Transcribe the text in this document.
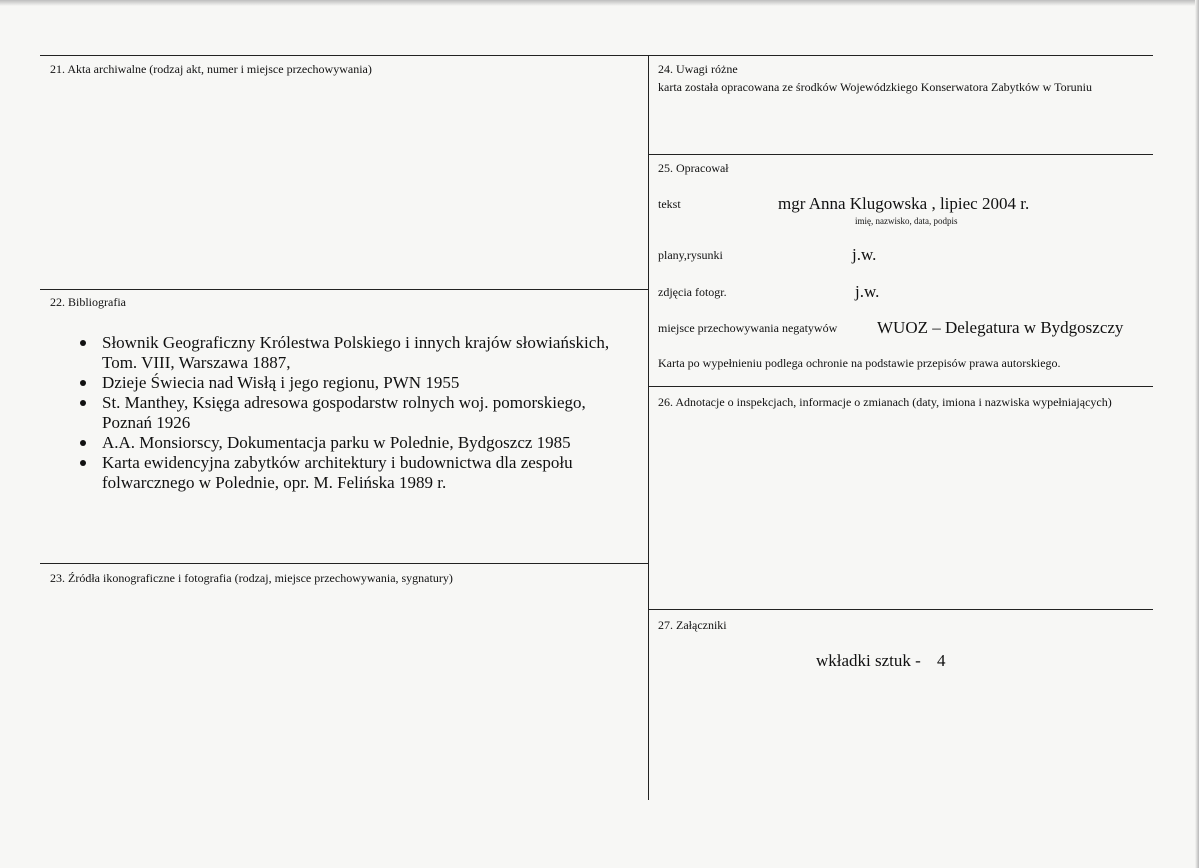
21. Akta archiwalne (rodzaj akt, numer i miejsce przechowywania)
22. Bibliografia
Słownik Geograficzny Królestwa Polskiego i innych krajów słowiańskich,
Tom. VIII, Warszawa 1887,
Dzieje Świecia nad Wisłą i jego regionu, PWN 1955
St. Manthey, Księga adresowa gospodarstw rolnych woj. pomorskiego,
Poznań 1926
A.A. Monsiorscy, Dokumentacja parku w Polednie, Bydgoszcz 1985
Karta ewidencyjna zabytków architektury i budownictwa dla zespołu
folwarcznego w Polednie, opr. M. Felińska 1989 r.
23. Źródła ikonograficzne i fotografia (rodzaj, miejsce przechowywania, sygnatury)
24. Uwagi różne
karta została opracowana ze środków Wojewódzkiego Konserwatora Zabytków w Toruniu
25. Opracował
tekst	mgr Anna Klugowska , lipiec 2004 r.
imię, nazwisko, data, podpis
plany,rysunki	j.w.
zdjęcia fotogr.	j.w.
miejsce przechowywania negatywów WUOZ – Delegatura w Bydgoszczy
Karta po wypełnieniu podlega ochronie na podstawie przepisów prawa autorskiego.
26. Adnotacje o inspekcjach, informacje o zmianach (daty, imiona i nazwiska wypełniających)
27. Załączniki
wkładki sztuk - 4
